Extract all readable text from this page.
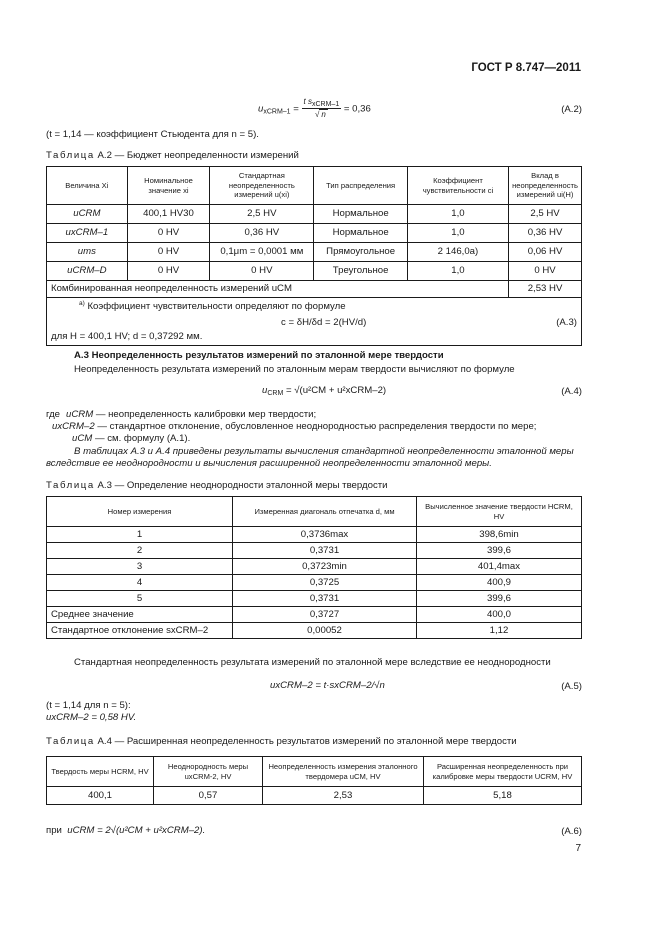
ГОСТ Р 8.747—2011
$u_{xCRM-1} = \frac{t s_{xCRM-1}}{√ n} = 0,36$	(A.2)
(t = 1,14 — коэффициент Стьюдента для n = 5).
Таблица А.2 — Бюджет неопределенности измерений
Величина Xi	Номинальное значение xi	Стандартная неопределенность измерений u(xi)	Тип распределения	Коэффициент чувствительности ci	Вклад в неопределенность измерений ui(H)
uCRM	400,1 HV30	2,5 HV	Нормальное	1,0	2,5 HV
uxCRM–1	0 HV	0,36 HV	Нормальное	1,0	0,36 HV
ums	0 HV	0,1μm = 0,0001 мм	Прямоугольное	2 146,0а)	0,06 HV
uCRM–D	0 HV	0 HV	Треугольное	1,0	0 HV
Комбинированная неопределенность измерений uCM					2,53 HV

$^{а)}$ Коэффициент чувствительности определяют по формуле
c = δH/δd = 2(HV/d) (A.3)
для H = 400,1 HV; d = 0,37292 мм.					
А.3 Неопределенность результатов измерений по эталонной мере твердости
Неопределенность результата измерений по эталонным мерам твердости вычисляют по формуле
$u_{CRM} = √(u^2CM$ + u²xCRM–2)	(A.4)
где uCRM — неопределенность калибровки мер твердости;
uxCRM–2 — стандартное отклонение, обусловленное неоднородностью распределения твердости по мере;
uCM — см. формулу (А.1).
В таблицах А.3 и А.4 приведены результаты вычисления стандартной неопределенности эталонной меры вследствие ее неоднородности и вычисления расширенной неопределенности эталонной меры.
Таблица А.3 — Определение неоднородности эталонной меры твердости
Номер измерения	Измеренная диагональ отпечатка d, мм	Вычисленное значение твердости HCRM, HV
1	0,3736max	398,6min
2	0,3731	399,6
3	0,3723min	401,4max
4	0,3725	400,9
5	0,3731	399,6
Среднее значение	0,3727	400,0
Стандартное отклонение sxCRM–2	0,00052	1,12
Стандартная неопределенность результата измерений по эталонной мере вследствие ее неоднородности
uxCRM–2 = t·sxCRM–2/√n	(A.5)
(t = 1,14 для n = 5):
uxCRM–2 = 0,58 HV.
Таблица А.4 — Расширенная неопределенность результатов измерений по эталонной мере твердости
Твердость меры HCRM, HV	Неоднородность меры uxCRM-2, HV	Неопределенность измерения эталонного твердомера uCM, HV	Расширенная неопределенность при калибровке меры твердости UCRM, HV
400,1	0,57	2,53	5,18
при uCRM = 2√(u²CM + u²xCRM–2).	(A.6)
7
